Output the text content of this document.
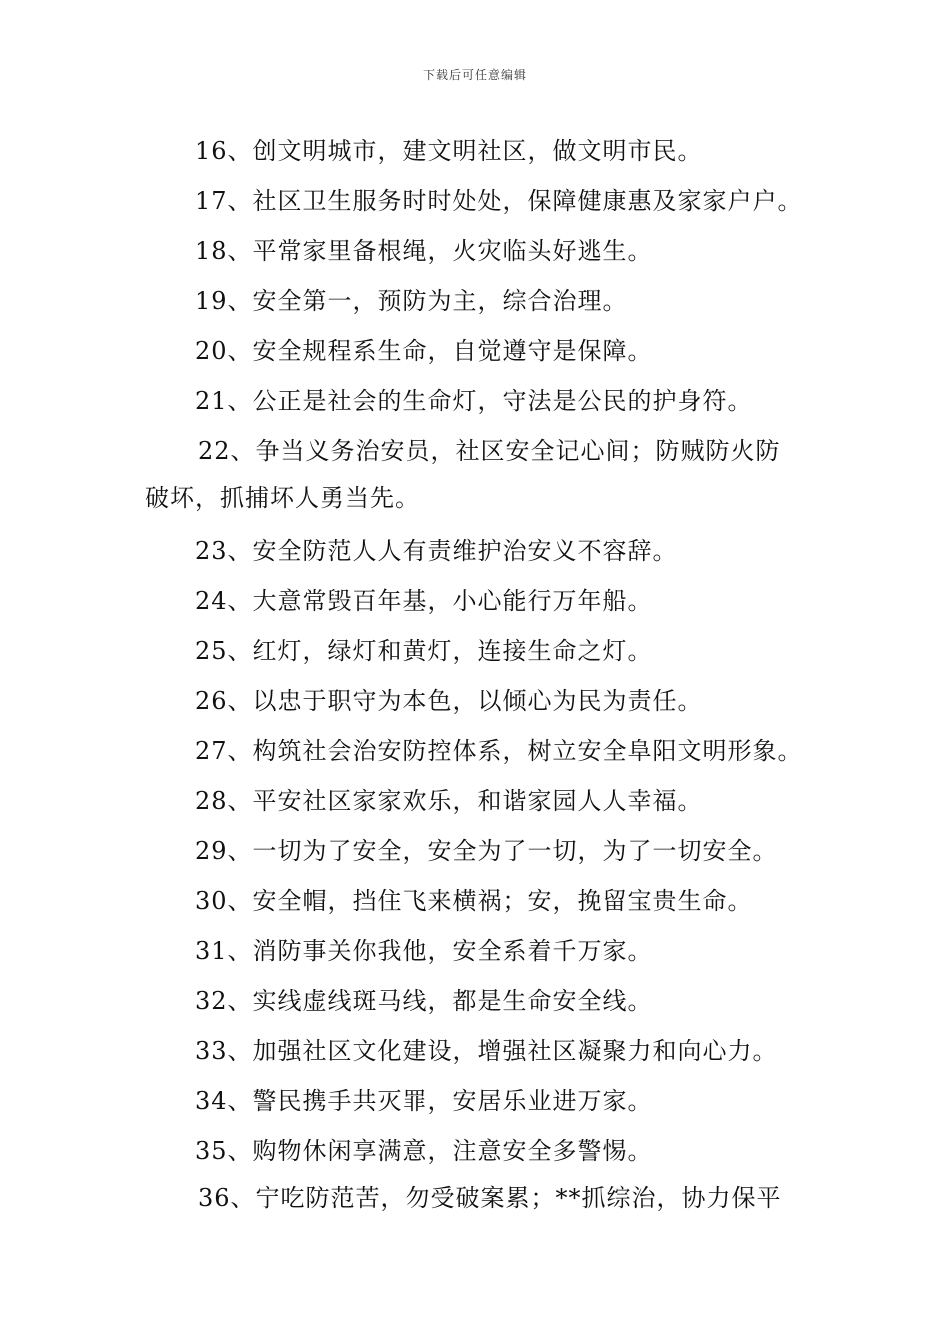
下载后可任意编辑
16、创文明城市，建文明社区，做文明市民。
17、社区卫生服务时时处处，保障健康惠及家家户户。
18、平常家里备根绳，火灾临头好逃生。
19、安全第一，预防为主，综合治理。
20、安全规程系生命，自觉遵守是保障。
21、公正是社会的生命灯，守法是公民的护身符。
22、争当义务治安员，社区安全记心间；防贼防火防
破坏，抓捕坏人勇当先。
23、安全防范人人有责维护治安义不容辞。
24、大意常毁百年基，小心能行万年船。
25、红灯，绿灯和黄灯，连接生命之灯。
26、以忠于职守为本色，以倾心为民为责任。
27、构筑社会治安防控体系，树立安全阜阳文明形象。
28、平安社区家家欢乐，和谐家园人人幸福。
29、一切为了安全，安全为了一切，为了一切安全。
30、安全帽，挡住飞来横祸；安，挽留宝贵生命。
31、消防事关你我他，安全系着千万家。
32、实线虚线斑马线，都是生命安全线。
33、加强社区文化建设，增强社区凝聚力和向心力。
34、警民携手共灭罪，安居乐业进万家。
35、购物休闲享满意，注意安全多警惕。
36、宁吃防范苦，勿受破案累；**抓综治，协力保平
